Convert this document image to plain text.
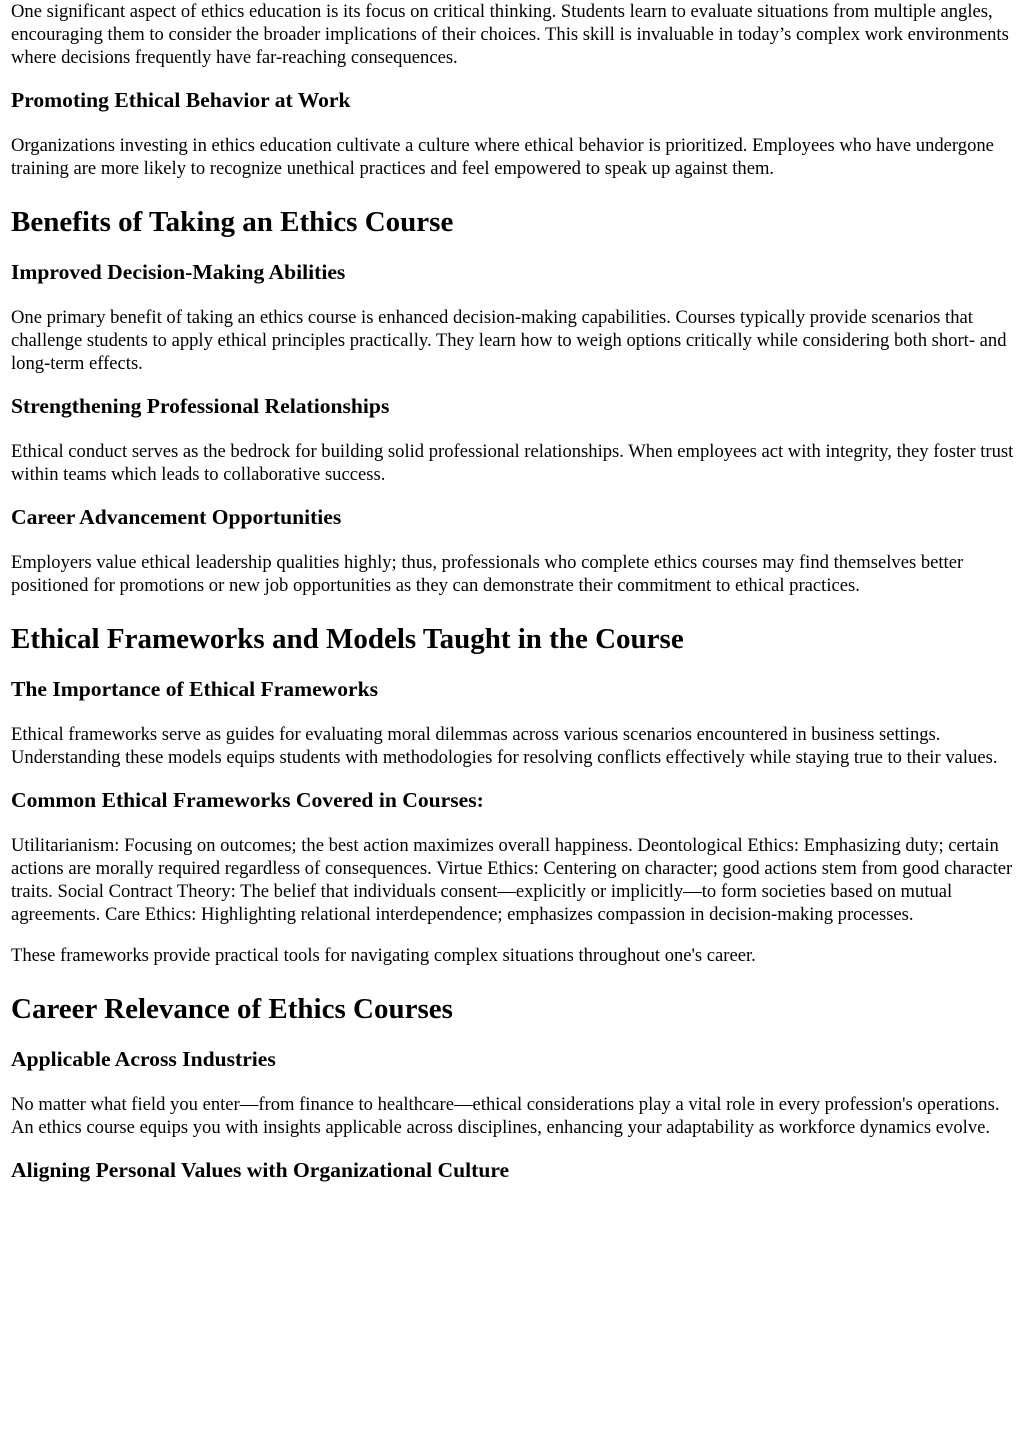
One significant aspect of ethics education is its focus on critical thinking. Students learn to evaluate situations from multiple angles, encouraging them to consider the broader implications of their choices. This skill is invaluable in today’s complex work environments where decisions frequently have far-reaching consequences.

Promoting Ethical Behavior at Work

Organizations investing in ethics education cultivate a culture where ethical behavior is prioritized. Employees who have undergone training are more likely to recognize unethical practices and feel empowered to speak up against them.

Benefits of Taking an Ethics Course
Improved Decision-Making Abilities

One primary benefit of taking an ethics course is enhanced decision-making capabilities. Courses typically provide scenarios that challenge students to apply ethical principles practically. They learn how to weigh options critically while considering both short- and long-term effects.

Strengthening Professional Relationships

Ethical conduct serves as the bedrock for building solid professional relationships. When employees act with integrity, they foster trust within teams which leads to collaborative success.

Career Advancement Opportunities

Employers value ethical leadership qualities highly; thus, professionals who complete ethics courses may find themselves better positioned for promotions or new job opportunities as they can demonstrate their commitment to ethical practices.

Ethical Frameworks and Models Taught in the Course
The Importance of Ethical Frameworks

Ethical frameworks serve as guides for evaluating moral dilemmas across various scenarios encountered in business settings. Understanding these models equips students with methodologies for resolving conflicts effectively while staying true to their values.

Common Ethical Frameworks Covered in Courses:

Utilitarianism: Focusing on outcomes; the best action maximizes overall happiness. Deontological Ethics: Emphasizing duty; certain actions are morally required regardless of consequences. Virtue Ethics: Centering on character; good actions stem from good character traits. Social Contract Theory: The belief that individuals consent—explicitly or implicitly—to form societies based on mutual agreements. Care Ethics: Highlighting relational interdependence; emphasizes compassion in decision-making processes.

These frameworks provide practical tools for navigating complex situations throughout one's career.

Career Relevance of Ethics Courses
Applicable Across Industries

No matter what field you enter—from finance to healthcare—ethical considerations play a vital role in every profession's operations. An ethics course equips you with insights applicable across disciplines, enhancing your adaptability as workforce dynamics evolve.

Aligning Personal Values with Organizational Culture
